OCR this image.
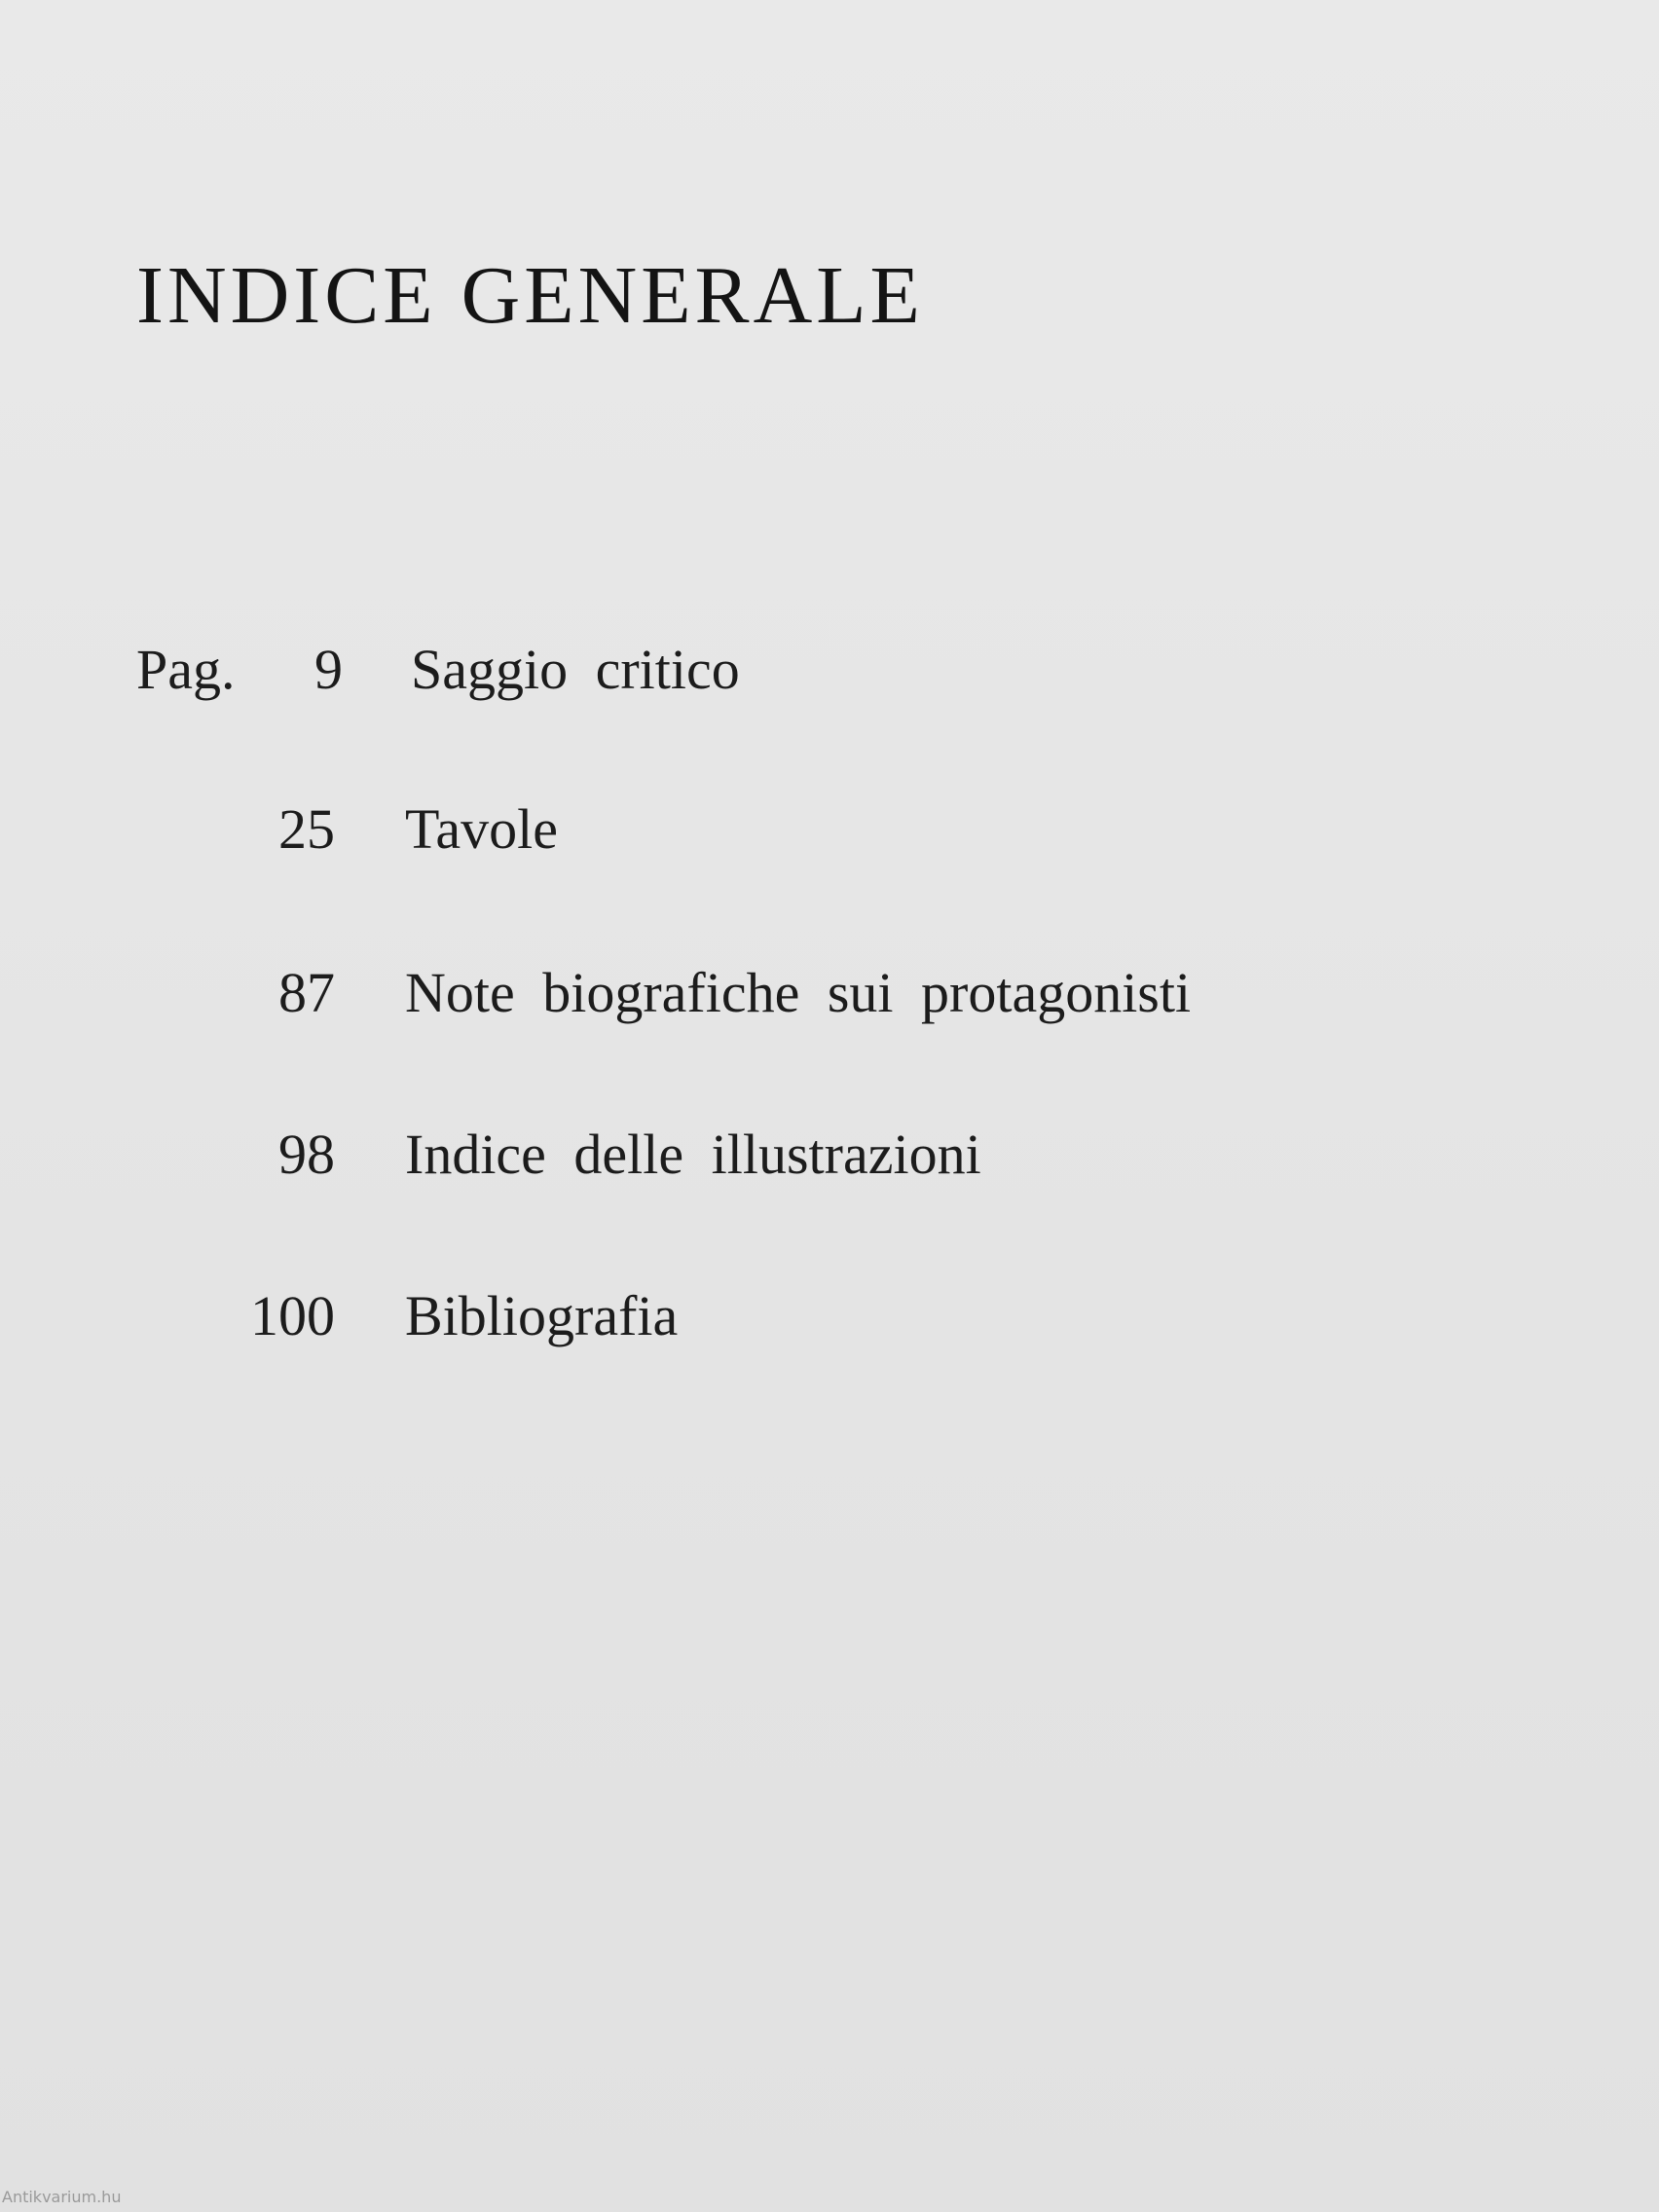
INDICE GENERALE
Pag. 9 Saggio critico
25 Tavole
87 Note biografiche sui protagonisti
98 Indice delle illustrazioni
100 Bibliografia
Antikvarium.hu
